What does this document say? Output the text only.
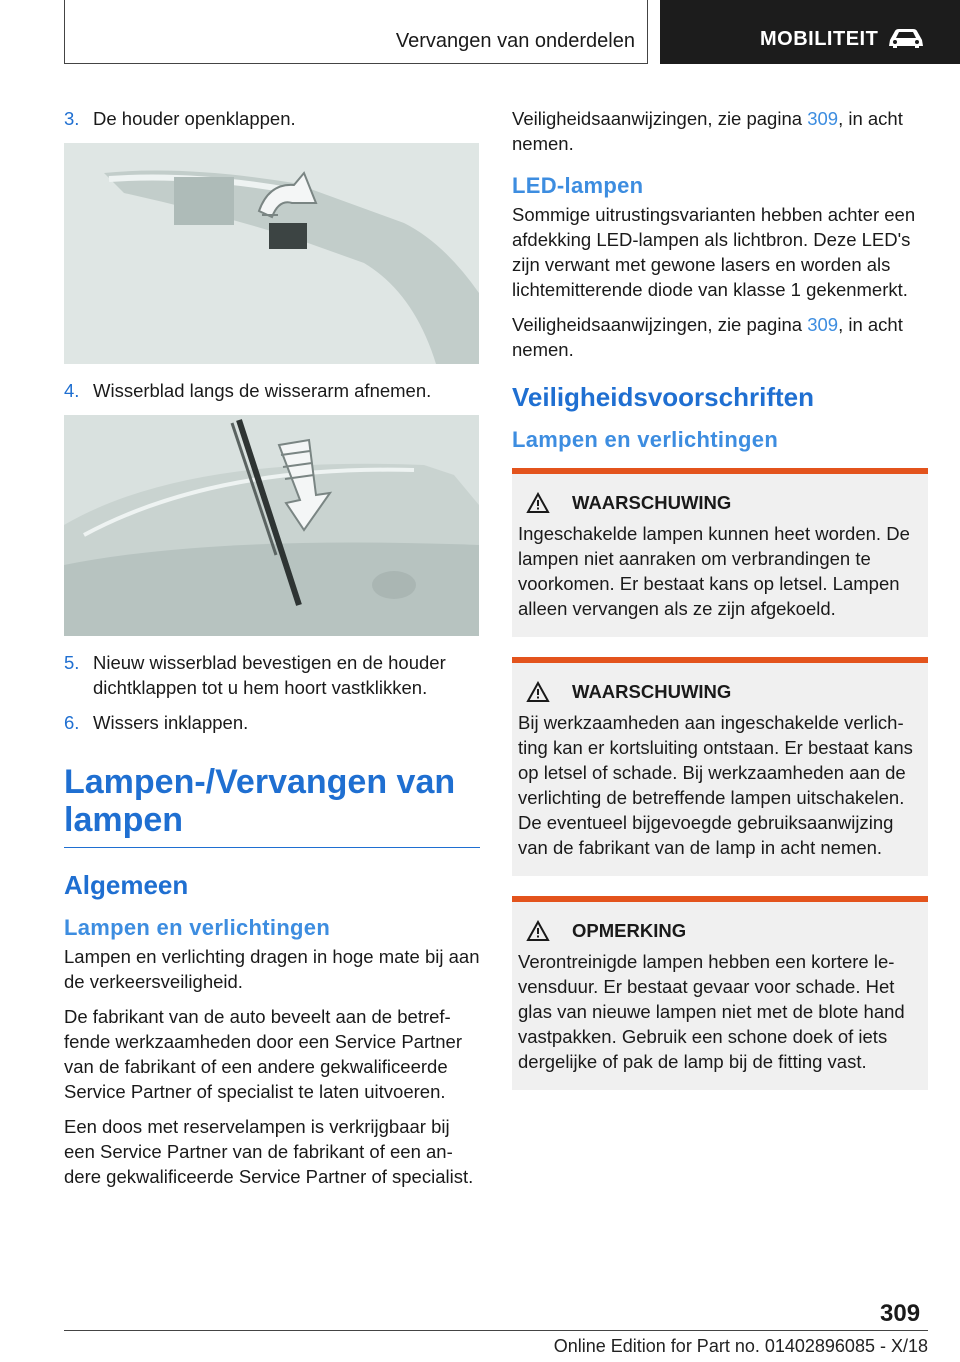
Vervangen van onderdelen	MOBILITEIT
3. De houder openklappen.
4. Wisserblad langs de wisserarm afnemen.
5. Nieuw wisserblad bevestigen en de houder dichtklappen tot u hem hoort vastklikken.
6. Wissers inklappen.
Lampen-/Vervangen van lampen
Algemeen
Lampen en verlichtingen

Lampen en verlichting dragen in hoge mate bij aan de verkeersveiligheid.

De fabrikant van de auto beveelt aan de betreffende werkzaamheden door een Service Partner van de fabrikant of een andere gekwalificeerde Service Partner of specialist te laten uitvoeren.

Een doos met reservelampen is verkrijgbaar bij een Service Partner van de fabrikant of een andere gekwalificeerde Service Partner of specialist.

Veiligheidsaanwijzingen, zie pagina 309, in acht nemen.

LED-lampen

Sommige uitrustingsvarianten hebben achter een afdekking LED-lampen als lichtbron. Deze LED's zijn verwant met gewone lasers en worden als lichtemitterende diode van klasse 1 gekenmerkt.

Veiligheidsaanwijzingen, zie pagina 309, in acht nemen.

Veiligheidsvoorschriften
Lampen en verlichtingen
WAARSCHUWING
Ingeschakelde lampen kunnen heet worden. De lampen niet aanraken om verbrandingen te voorkomen. Er bestaat kans op letsel. Lampen alleen vervangen als ze zijn afgekoeld.
WAARSCHUWING
Bij werkzaamheden aan ingeschakelde verlichting kan er kortsluiting ontstaan. Er bestaat kans op letsel of schade. Bij werkzaamheden aan de verlichting de betreffende lampen uitschakelen. De eventueel bijgevoegde gebruiksaanwijzing van de fabrikant van de lamp in acht nemen.
OPMERKING
Verontreinigde lampen hebben een kortere levensduur. Er bestaat gevaar voor schade. Het glas van nieuwe lampen niet met de blote hand vastpakken. Gebruik een schone doek of iets dergelijke of pak de lamp bij de fitting vast.
309
Online Edition for Part no. 01402896085 - X/18
